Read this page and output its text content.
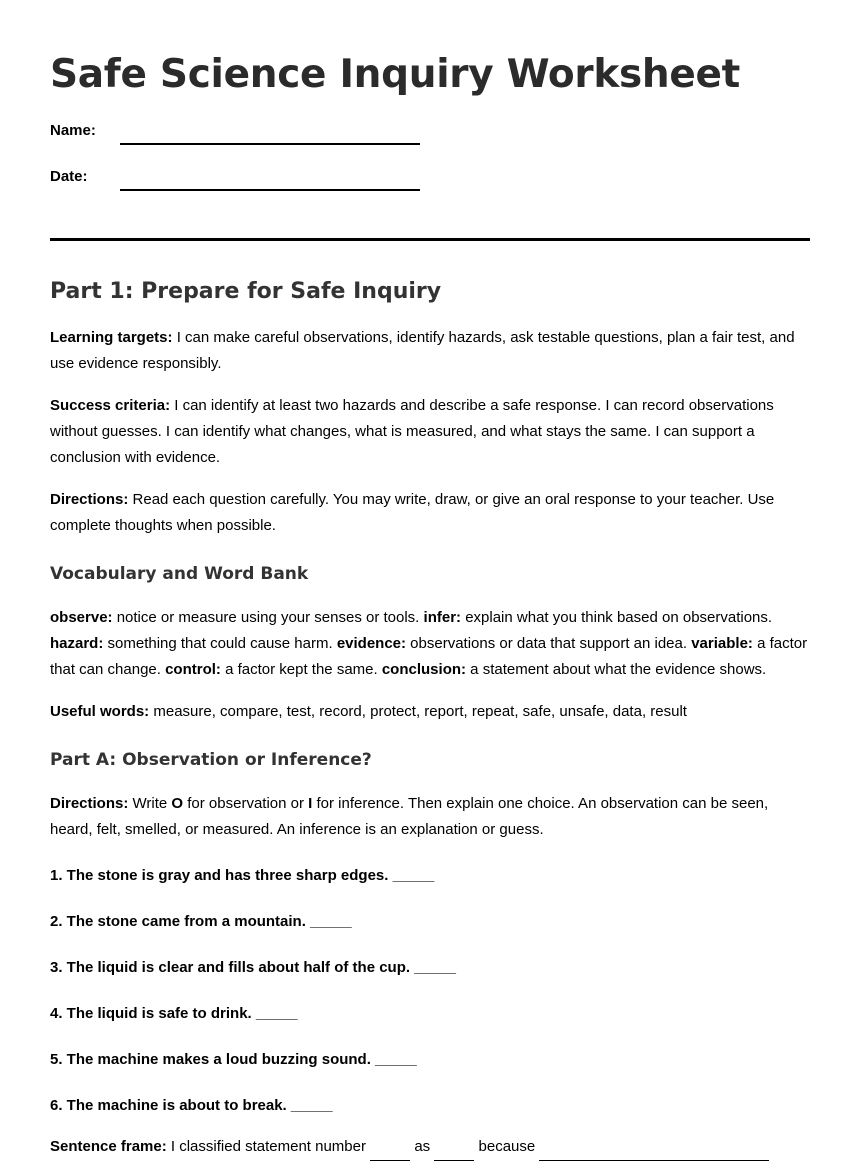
Safe Science Inquiry Worksheet
Name:
Date:
Part 1: Prepare for Safe Inquiry

Learning targets: I can make careful observations, identify hazards, ask testable questions, plan a fair test, and use evidence responsibly.

Success criteria: I can identify at least two hazards and describe a safe response. I can record observations without guesses. I can identify what changes, what is measured, and what stays the same. I can support a conclusion with evidence.

Directions: Read each question carefully. You may write, draw, or give an oral response to your teacher. Use complete thoughts when possible.

Vocabulary and Word Bank

observe: notice or measure using your senses or tools. infer: explain what you think based on observations. hazard: something that could cause harm. evidence: observations or data that support an idea. variable: a factor that can change. control: a factor kept the same. conclusion: a statement about what the evidence shows.

Useful words: measure, compare, test, record, protect, report, repeat, safe, unsafe, data, result

Part A: Observation or Inference?

Directions: Write O for observation or I for inference. Then explain one choice. An observation can be seen, heard, felt, smelled, or measured. An inference is an explanation or guess.

1. The stone is gray and has three sharp edges. _____

2. The stone came from a mountain. _____

3. The liquid is clear and fills about half of the cup. _____

4. The liquid is safe to drink. _____

5. The machine makes a loud buzzing sound. _____

6. The machine is about to break. _____

Sentence frame: I classified statement number	as	because
